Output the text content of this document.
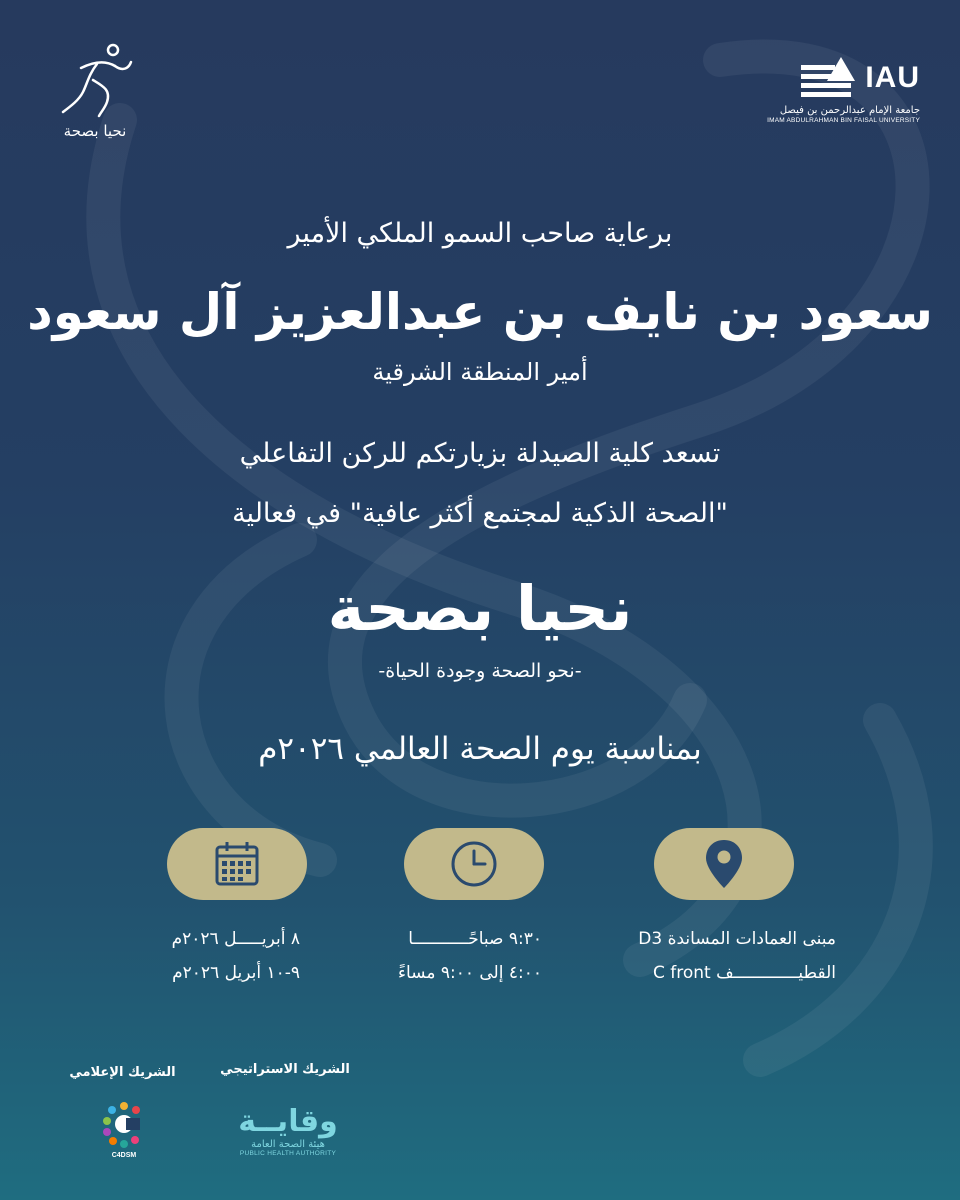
نحيا بصحة
IAU
جامعة الإمام عبدالرحمن بن فيصل
IMAM ABDULRAHMAN BIN FAISAL UNIVERSITY
برعاية صاحب السمو الملكي الأمير
سعود بن نايف بن عبدالعزيز آل سعود
أمير المنطقة الشرقية
تسعد كلية الصيدلة بزيارتكم للركن التفاعلي
"الصحة الذكية لمجتمع أكثر عافية" في فعالية
نحيا بصحة
-نحو الصحة وجودة الحياة-
بمناسبة يوم الصحة العالمي ٢٠٢٦م
٨ أبريـــــل ٢٠٢٦م
٩-١٠ أبريل ٢٠٢٦م
٩:٣٠ صباحًـــــــــــا
٤:٠٠ إلى ٩:٠٠ مساءً
مبنى العمادات المساندة D3
القطيـــــــــــــف C front
الشريك الاستراتيجي
الشريك الإعلامي
وقايــة
هيئة الصحة العامة
PUBLIC HEALTH AUTHORITY
C4DSM
